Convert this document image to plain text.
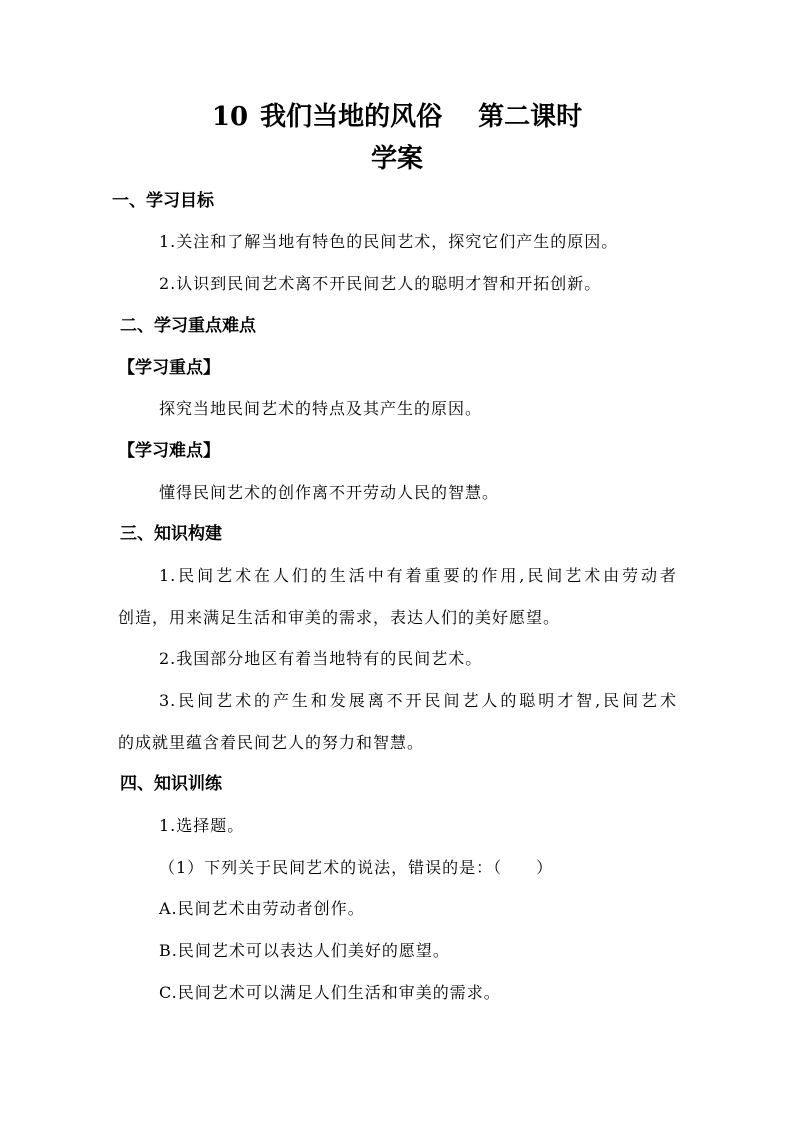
10 我们当地的风俗 第二课时
学案
一、学习目标
1.关注和了解当地有特色的民间艺术，探究它们产生的原因。
2.认识到民间艺术离不开民间艺人的聪明才智和开拓创新。
二、学习重点难点
【学习重点】
探究当地民间艺术的特点及其产生的原因。
【学习难点】
懂得民间艺术的创作离不开劳动人民的智慧。
三、知识构建
1.民间艺术在人们的生活中有着重要的作用,民间艺术由劳动者
创造，用来满足生活和审美的需求，表达人们的美好愿望。
2.我国部分地区有着当地特有的民间艺术。
3.民间艺术的产生和发展离不开民间艺人的聪明才智,民间艺术
的成就里蕴含着民间艺人的努力和智慧。
四、知识训练
1.选择题。
（1）下列关于民间艺术的说法，错误的是：（　　）
A.民间艺术由劳动者创作。
B.民间艺术可以表达人们美好的愿望。
C.民间艺术可以满足人们生活和审美的需求。
